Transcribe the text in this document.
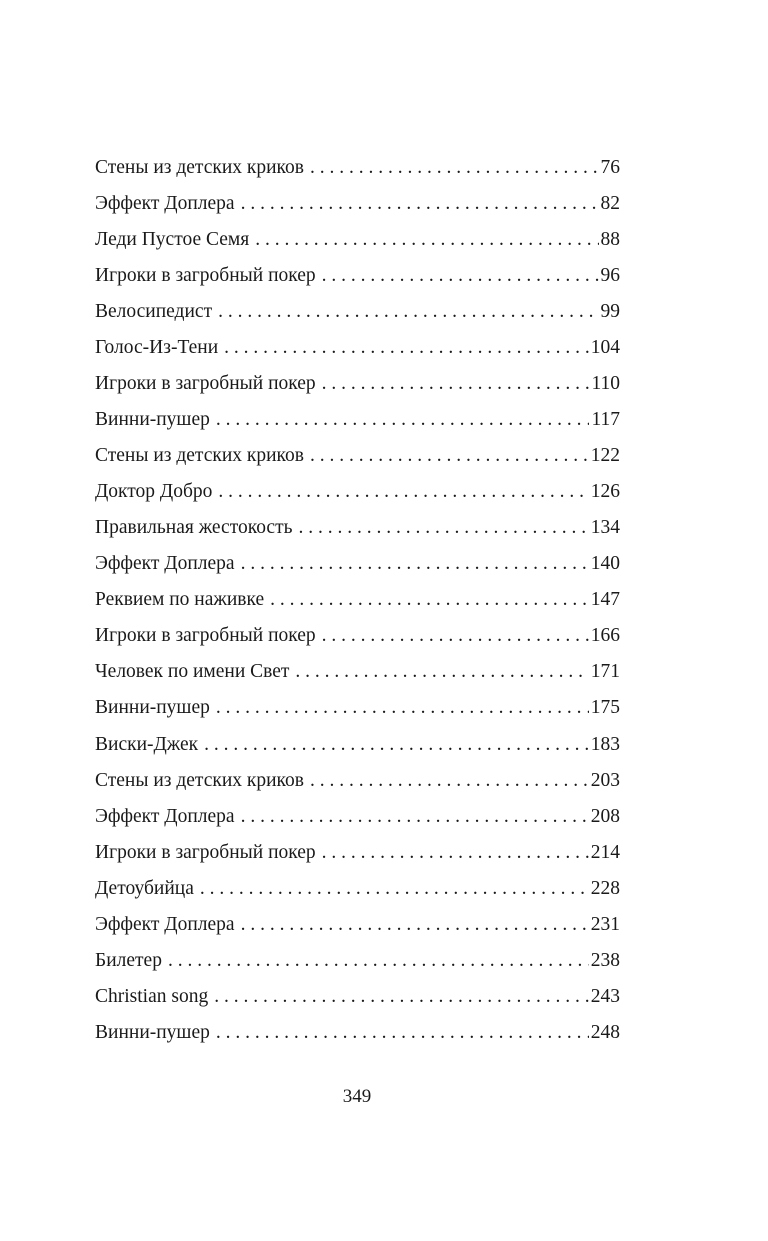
Стены из детских криков . . .	76
Эффект Доплера . . .	82
Леди Пустое Семя . . .	88
Игроки в загробный покер . . .	96
Велосипедист . . .	99
Голос-Из-Тени . . .	104
Игроки в загробный покер . . .	110
Винни-пушер . . .	117
Стены из детских криков . . .	122
Доктор Добро . . .	126
Правильная жестокость . . .	134
Эффект Доплера . . .	140
Реквием по наживке . . .	147
Игроки в загробный покер . . .	166
Человек по имени Свет . . .	171
Винни-пушер . . .	175
Виски-Джек . . .	183
Стены из детских криков . . .	203
Эффект Доплера . . .	208
Игроки в загробный покер . . .	214
Детоубийца . . .	228
Эффект Доплера . . .	231
Билетер . . .	238
Christian song . . .	243
Винни-пушер . . .	248
349
